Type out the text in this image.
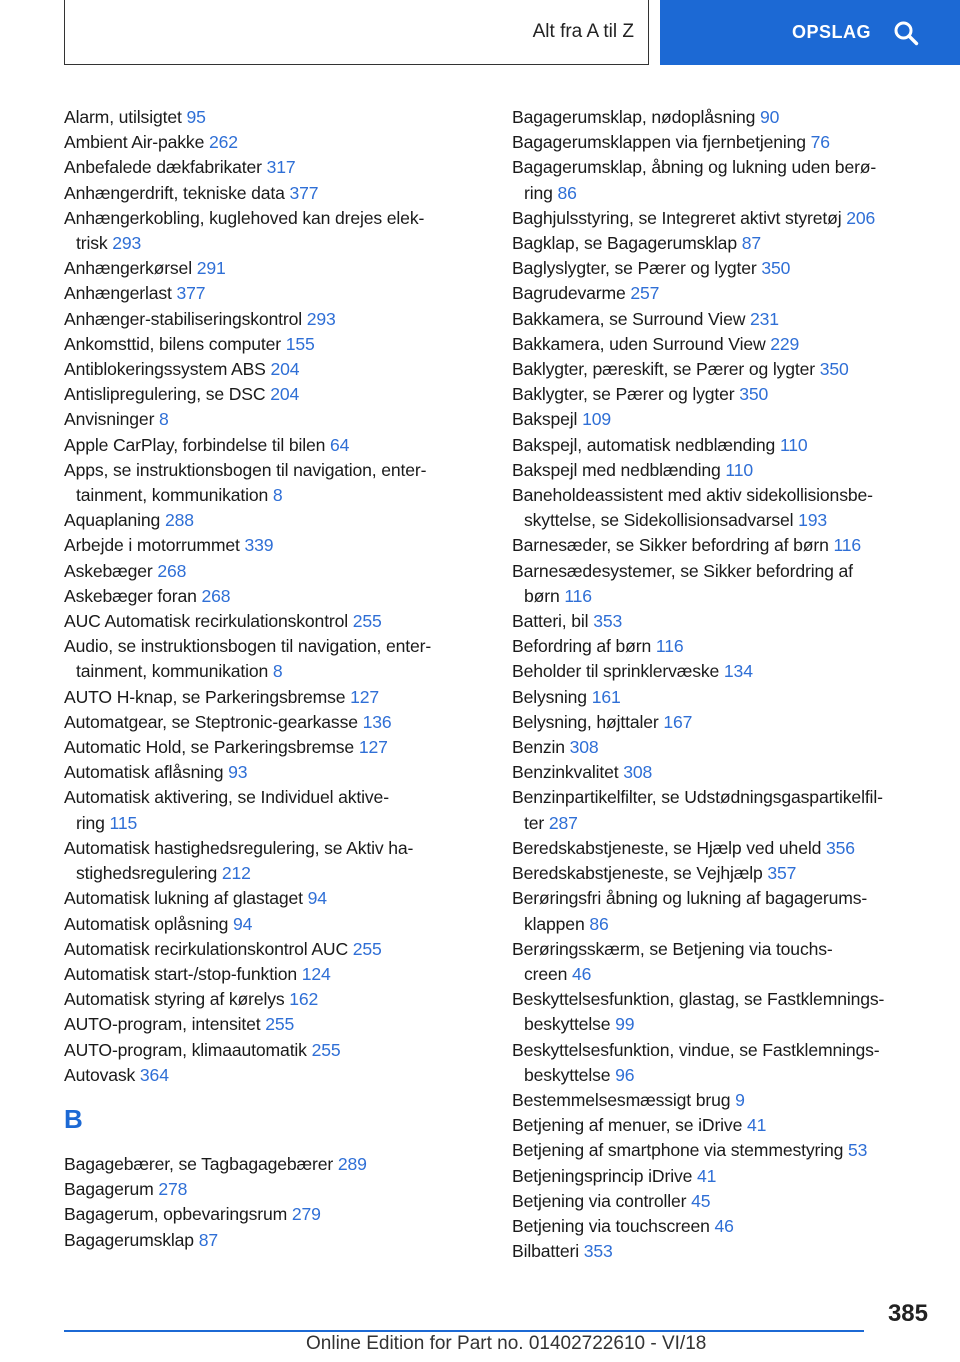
Alt fra A til Z	OPSLAG
Alarm, utilsigtet 95
Ambient Air-pakke 262
Anbefalede dækfabrikater 317
Anhængerdrift, tekniske data 377
Anhængerkobling, kuglehoved kan drejes elek-
trisk 293
Anhængerkørsel 291
Anhængerlast 377
Anhænger-stabiliseringskontrol 293
Ankomsttid, bilens computer 155
Antiblokeringssystem ABS 204
Antislipregulering, se DSC 204
Anvisninger 8
Apple CarPlay, forbindelse til bilen 64
Apps, se instruktionsbogen til navigation, enter-
tainment, kommunikation 8
Aquaplaning 288
Arbejde i motorrummet 339
Askebæger 268
Askebæger foran 268
AUC Automatisk recirkulationskontrol 255
Audio, se instruktionsbogen til navigation, enter-
tainment, kommunikation 8
AUTO H-knap, se Parkeringsbremse 127
Automatgear, se Steptronic-gearkasse 136
Automatic Hold, se Parkeringsbremse 127
Automatisk aflåsning 93
Automatisk aktivering, se Individuel aktive-
ring 115
Automatisk hastighedsregulering, se Aktiv ha-
stighedsregulering 212
Automatisk lukning af glastaget 94
Automatisk oplåsning 94
Automatisk recirkulationskontrol AUC 255
Automatisk start-/stop-funktion 124
Automatisk styring af kørelys 162
AUTO-program, intensitet 255
AUTO-program, klimaautomatik 255
Autovask 364
B
Bagagebærer, se Tagbagagebærer 289
Bagagerum 278
Bagagerum, opbevaringsrum 279
Bagagerumsklap 87
Bagagerumsklap, nødoplåsning 90
Bagagerumsklappen via fjernbetjening 76
Bagagerumsklap, åbning og lukning uden berø-
ring 86
Baghjulsstyring, se Integreret aktivt styretøj 206
Bagklap, se Bagagerumsklap 87
Baglyslygter, se Pærer og lygter 350
Bagrudevarme 257
Bakkamera, se Surround View 231
Bakkamera, uden Surround View 229
Baklygter, pæreskift, se Pærer og lygter 350
Baklygter, se Pærer og lygter 350
Bakspejl 109
Bakspejl, automatisk nedblænding 110
Bakspejl med nedblænding 110
Baneholdeassistent med aktiv sidekollisionsbe-
skyttelse, se Sidekollisionsadvarsel 193
Barnesæder, se Sikker befordring af børn 116
Barnesædesystemer, se Sikker befordring af
børn 116
Batteri, bil 353
Befordring af børn 116
Beholder til sprinklervæske 134
Belysning 161
Belysning, højttaler 167
Benzin 308
Benzinkvalitet 308
Benzinpartikelfilter, se Udstødningsgaspartikelfil-
ter 287
Beredskabstjeneste, se Hjælp ved uheld 356
Beredskabstjeneste, se Vejhjælp 357
Berøringsfri åbning og lukning af bagagerums-
klappen 86
Berøringsskærm, se Betjening via touchs-
creen 46
Beskyttelsesfunktion, glastag, se Fastklemnings-
beskyttelse 99
Beskyttelsesfunktion, vindue, se Fastklemnings-
beskyttelse 96
Bestemmelsesmæssigt brug 9
Betjening af menuer, se iDrive 41
Betjening af smartphone via stemmestyring 53
Betjeningsprincip iDrive 41
Betjening via controller 45
Betjening via touchscreen 46
Bilbatteri 353
385
Online Edition for Part no. 01402722610 - VI/18
